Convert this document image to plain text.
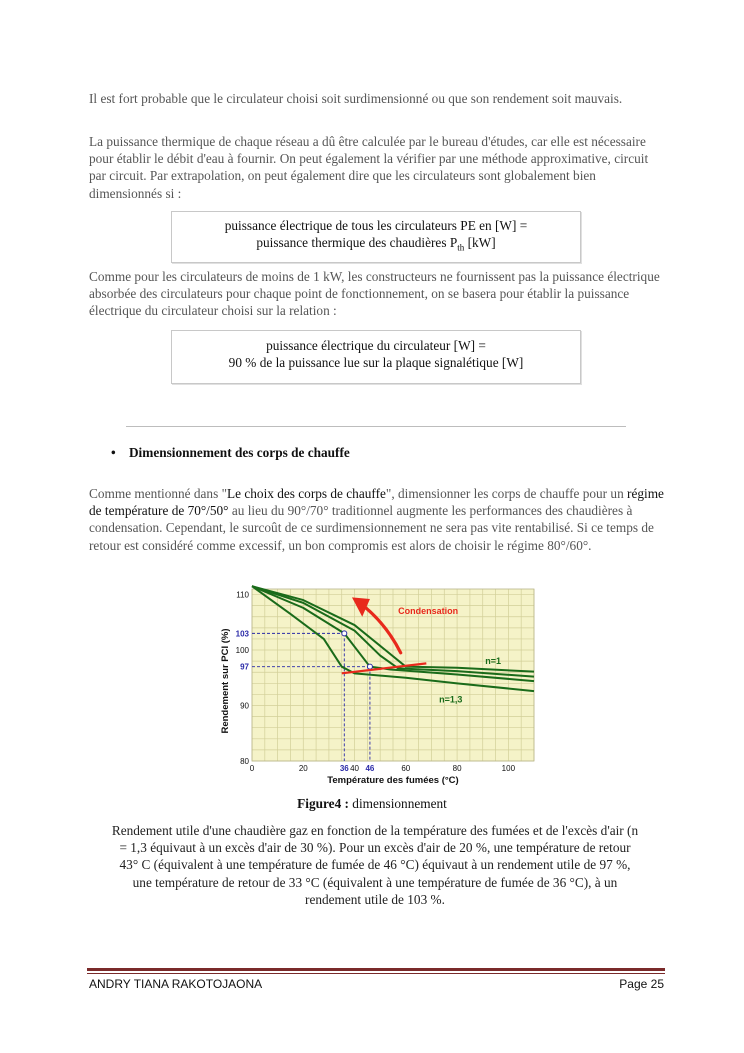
Il est fort probable que le circulateur choisi soit surdimensionné ou que son rendement soit mauvais.

La puissance thermique de chaque réseau a dû être calculée par le bureau d'études, car elle est nécessaire pour établir le débit d'eau à fournir. On peut également la vérifier par une méthode approximative, circuit par circuit. Par extrapolation, on peut également dire que les circulateurs sont globalement bien dimensionnés si :

puissance électrique de tous les circulateurs PE en [W] =
puissance thermique des chaudières $P_{th}$ [kW]

Comme pour les circulateurs de moins de 1 kW, les constructeurs ne fournissent pas la puissance électrique absorbée des circulateurs pour chaque point de fonctionnement, on se basera pour établir la puissance électrique du circulateur choisi sur la relation :

puissance électrique du circulateur [W] =
90 % de la puissance lue sur la plaque signalétique [W]
• Dimensionnement des corps de chauffe

Comme mentionné dans "Le choix des corps de chauffe", dimensionner les corps de chauffe pour un régime de température de 70°/50° au lieu du 90°/70° traditionnel augmente les performances des chaudières à condensation. Cependant, le surcoût de ce surdimensionnement ne sera pas vite rentabilisé. Si ce temps de retour est considéré comme excessif, un bon compromis est alors de choisir le régime 80°/60°.

0	20	40	60	80	100
80
90
100
110
Température des fumées (°C)
Rendement sur PCI (%) 103
36
97
46
Condensation
n=1
n=1,3
Figure4 : dimensionnement
Rendement utile d'une chaudière gaz en fonction de la température des fumées et de l'excès d'air (n = 1,3 équivaut à un excès d'air de 30 %). Pour un excès d'air de 20 %, une température de retour 43° C (équivalent à une température de fumée de 46 °C) équivaut à un rendement utile de 97 %, une température de retour de 33 °C (équivalent à une température de fumée de 36 °C), à un rendement utile de 103 %.
ANDRY TIANA RAKOTOJAONA	Page 25
